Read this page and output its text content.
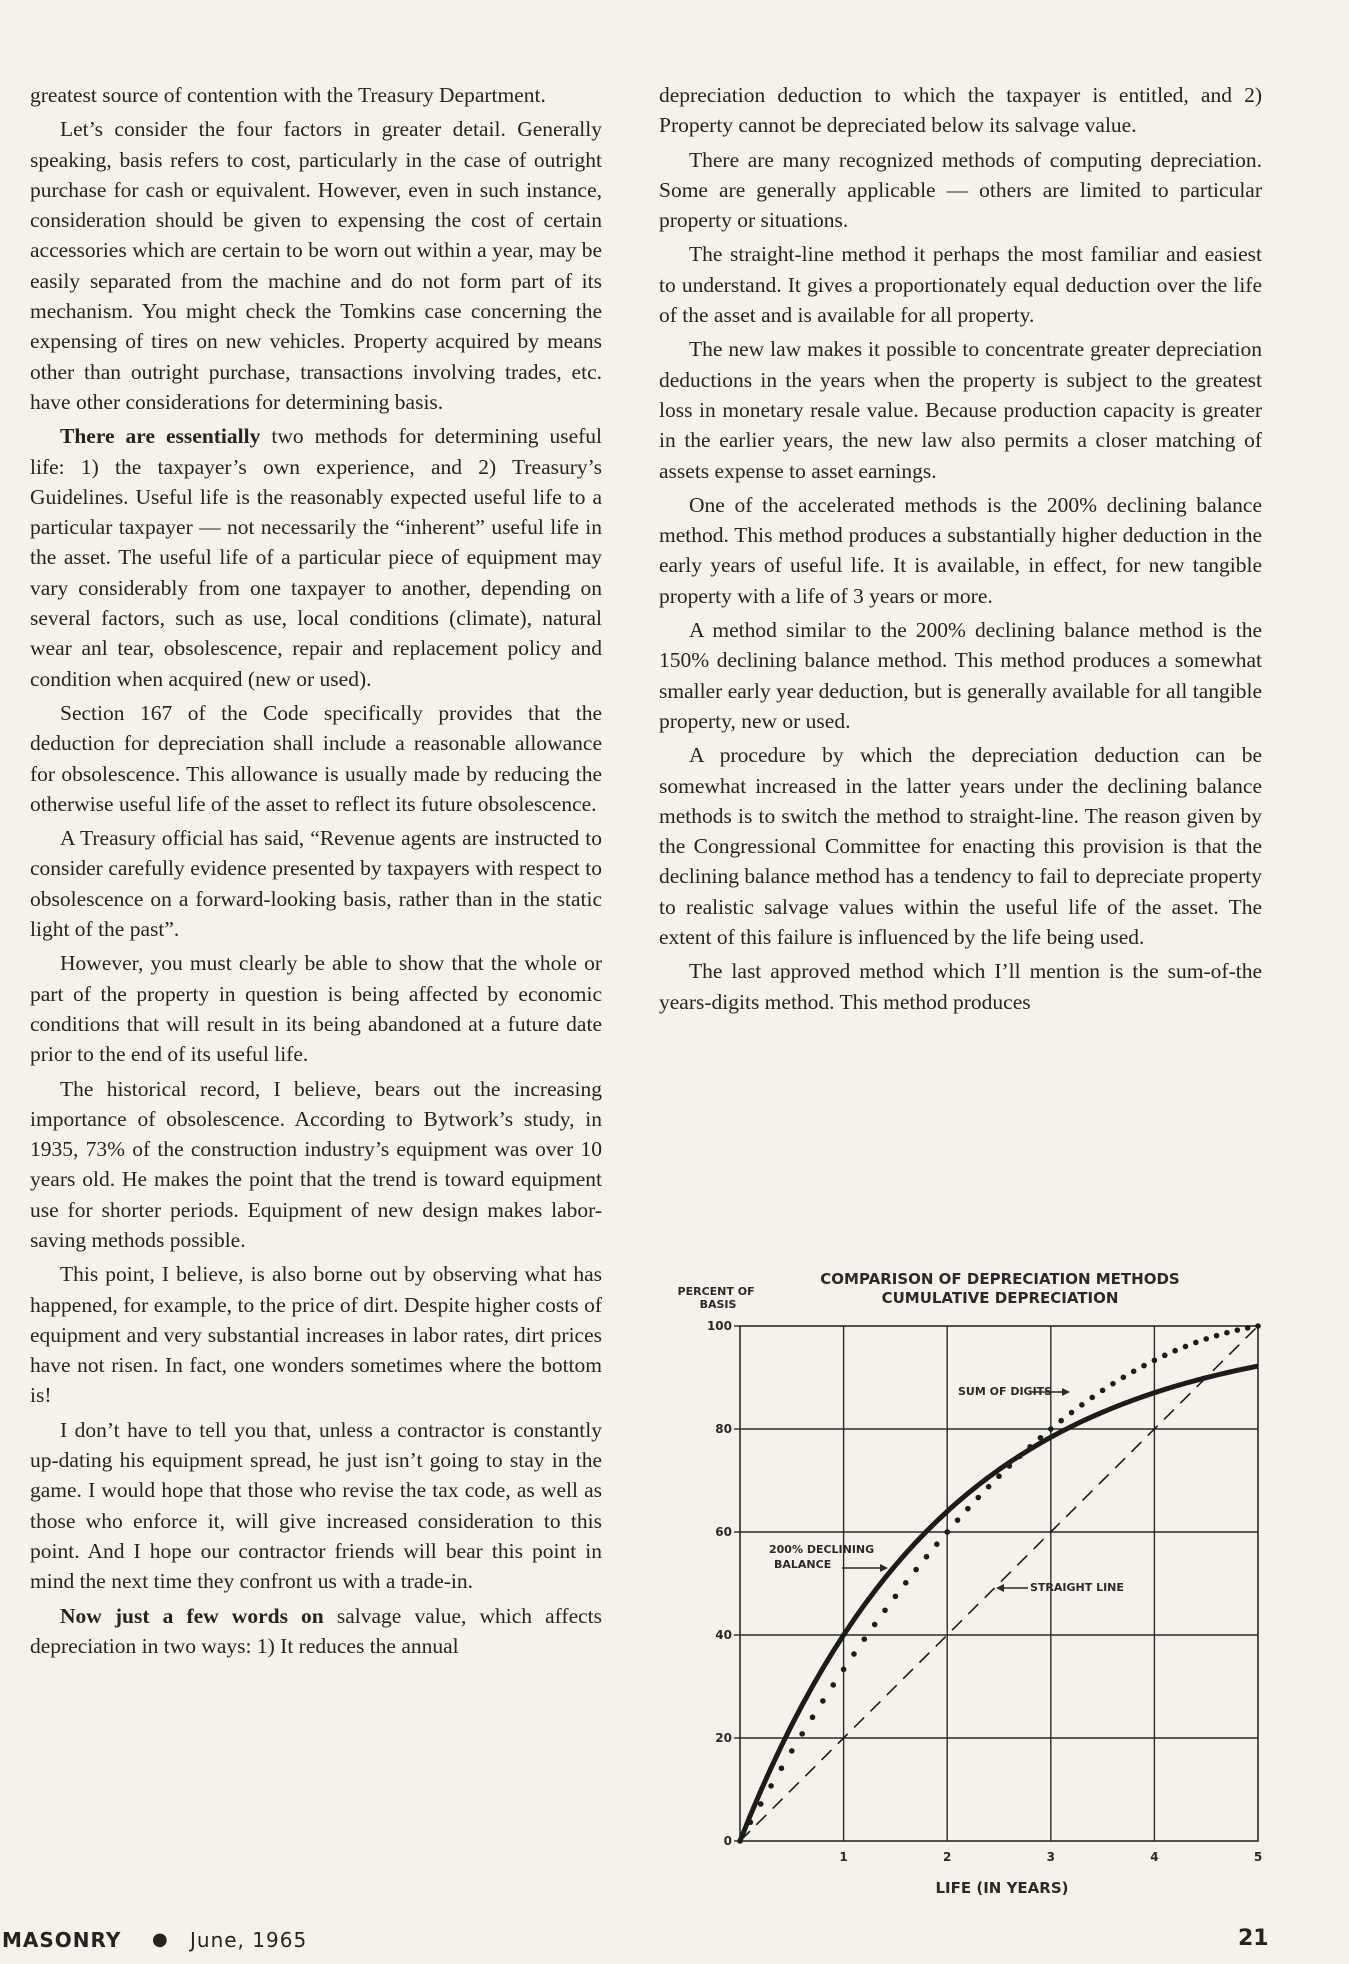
greatest source of contention with the Treasury Department.

Let’s consider the four factors in greater detail. Generally speaking, basis refers to cost, particularly in the case of outright purchase for cash or equivalent. However, even in such instance, consideration should be given to expensing the cost of certain accessories which are certain to be worn out within a year, may be easily separated from the machine and do not form part of its mechanism. You might check the Tomkins case concerning the expensing of tires on new vehicles. Property acquired by means other than outright purchase, transactions involving trades, etc. have other considerations for determining basis.

There are essentially two methods for determining useful life: 1) the taxpayer’s own experience, and 2) Treasury’s Guidelines. Useful life is the reasonably expected useful life to a particular taxpayer — not necessarily the “inherent” useful life in the asset. The useful life of a particular piece of equipment may vary considerably from one taxpayer to another, depending on several factors, such as use, local conditions (climate), natural wear anl tear, obsolescence, repair and replacement policy and condition when acquired (new or used).

Section 167 of the Code specifically provides that the deduction for depreciation shall include a reasonable allowance for obsolescence. This allowance is usually made by reducing the otherwise useful life of the asset to reflect its future obsolescence.

A Treasury official has said, “Revenue agents are instructed to consider carefully evidence presented by taxpayers with respect to obsolescence on a forward-looking basis, rather than in the static light of the past”.

However, you must clearly be able to show that the whole or part of the property in question is being affected by economic conditions that will result in its being abandoned at a future date prior to the end of its useful life.

The historical record, I believe, bears out the increasing importance of obsolescence. According to Bytwork’s study, in 1935, 73% of the construction industry’s equipment was over 10 years old. He makes the point that the trend is toward equipment use for shorter periods. Equipment of new design makes labor-saving methods possible.

This point, I believe, is also borne out by observing what has happened, for example, to the price of dirt. Despite higher costs of equipment and very substantial increases in labor rates, dirt prices have not risen. In fact, one wonders sometimes where the bottom is!

I don’t have to tell you that, unless a contractor is constantly up-dating his equipment spread, he just isn’t going to stay in the game. I would hope that those who revise the tax code, as well as those who enforce it, will give increased consideration to this point. And I hope our contractor friends will bear this point in mind the next time they confront us with a trade-in.

Now just a few words on salvage value, which affects depreciation in two ways: 1) It reduces the annual

depreciation deduction to which the taxpayer is entitled, and 2) Property cannot be depreciated below its salvage value.

There are many recognized methods of computing depreciation. Some are generally applicable — others are limited to particular property or situations.

The straight-line method it perhaps the most familiar and easiest to understand. It gives a proportionately equal deduction over the life of the asset and is available for all property.

The new law makes it possible to concentrate greater depreciation deductions in the years when the property is subject to the greatest loss in monetary resale value. Because production capacity is greater in the earlier years, the new law also permits a closer matching of assets expense to asset earnings.

One of the accelerated methods is the 200% declining balance method. This method produces a substantially higher deduction in the early years of useful life. It is available, in effect, for new tangible property with a life of 3 years or more.

A method similar to the 200% declining balance method is the 150% declining balance method. This method produces a somewhat smaller early year deduction, but is generally available for all tangible property, new or used.

A procedure by which the depreciation deduction can be somewhat increased in the latter years under the declining balance methods is to switch the method to straight-line. The reason given by the Congressional Committee for enacting this provision is that the declining balance method has a tendency to fail to depreciate property to realistic salvage values within the useful life of the asset. The extent of this failure is influenced by the life being used.

The last approved method which I’ll mention is the sum-of-the years-digits method. This method produces

COMPARISON OF DEPRECIATION METHODS
CUMULATIVE DEPRECIATION
PERCENT OF BASIS
LIFE (IN YEARS)
1	2	3	4	5
0
20
40
60
80
100
SUM OF DIGITS
200% DECLINING
BALANCE
STRAIGHT LINE
MASONRY ● June, 1965	21
